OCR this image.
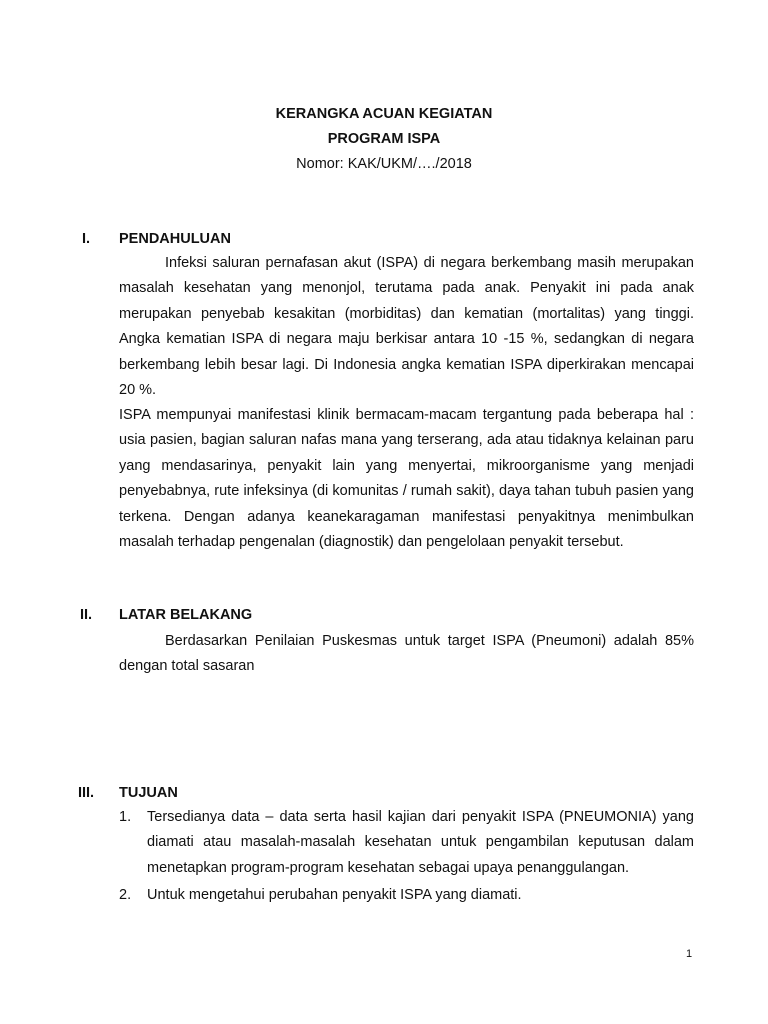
KERANGKA ACUAN KEGIATAN
PROGRAM ISPA
Nomor: KAK/UKM/…./2018
I.	PENDAHULUAN

Infeksi saluran pernafasan akut (ISPA) di negara berkembang masih merupakan masalah kesehatan yang menonjol, terutama pada anak. Penyakit ini pada anak merupakan penyebab kesakitan (morbiditas) dan kematian (mortalitas) yang tinggi. Angka kematian ISPA di negara maju berkisar antara 10 -15 %, sedangkan di negara berkembang lebih besar lagi. Di Indonesia angka kematian ISPA diperkirakan mencapai 20 %.

ISPA mempunyai manifestasi klinik bermacam-macam tergantung pada beberapa hal : usia pasien, bagian saluran nafas mana yang terserang, ada atau tidaknya kelainan paru yang mendasarinya, penyakit lain yang menyertai, mikroorganisme yang menjadi penyebabnya, rute infeksinya (di komunitas / rumah sakit), daya tahan tubuh pasien yang terkena. Dengan adanya keanekaragaman manifestasi penyakitnya menimbulkan masalah terhadap pengenalan (diagnostik) dan pengelolaan penyakit tersebut.

II.	LATAR BELAKANG

Berdasarkan Penilaian Puskesmas untuk target ISPA (Pneumoni) adalah 85% dengan total sasaran

III.	TUJUAN
1. Tersedianya data – data serta hasil kajian dari penyakit ISPA (PNEUMONIA) yang diamati atau masalah-masalah kesehatan untuk pengambilan keputusan dalam menetapkan program-program kesehatan sebagai upaya penanggulangan.
2. Untuk mengetahui perubahan penyakit ISPA yang diamati.
1
